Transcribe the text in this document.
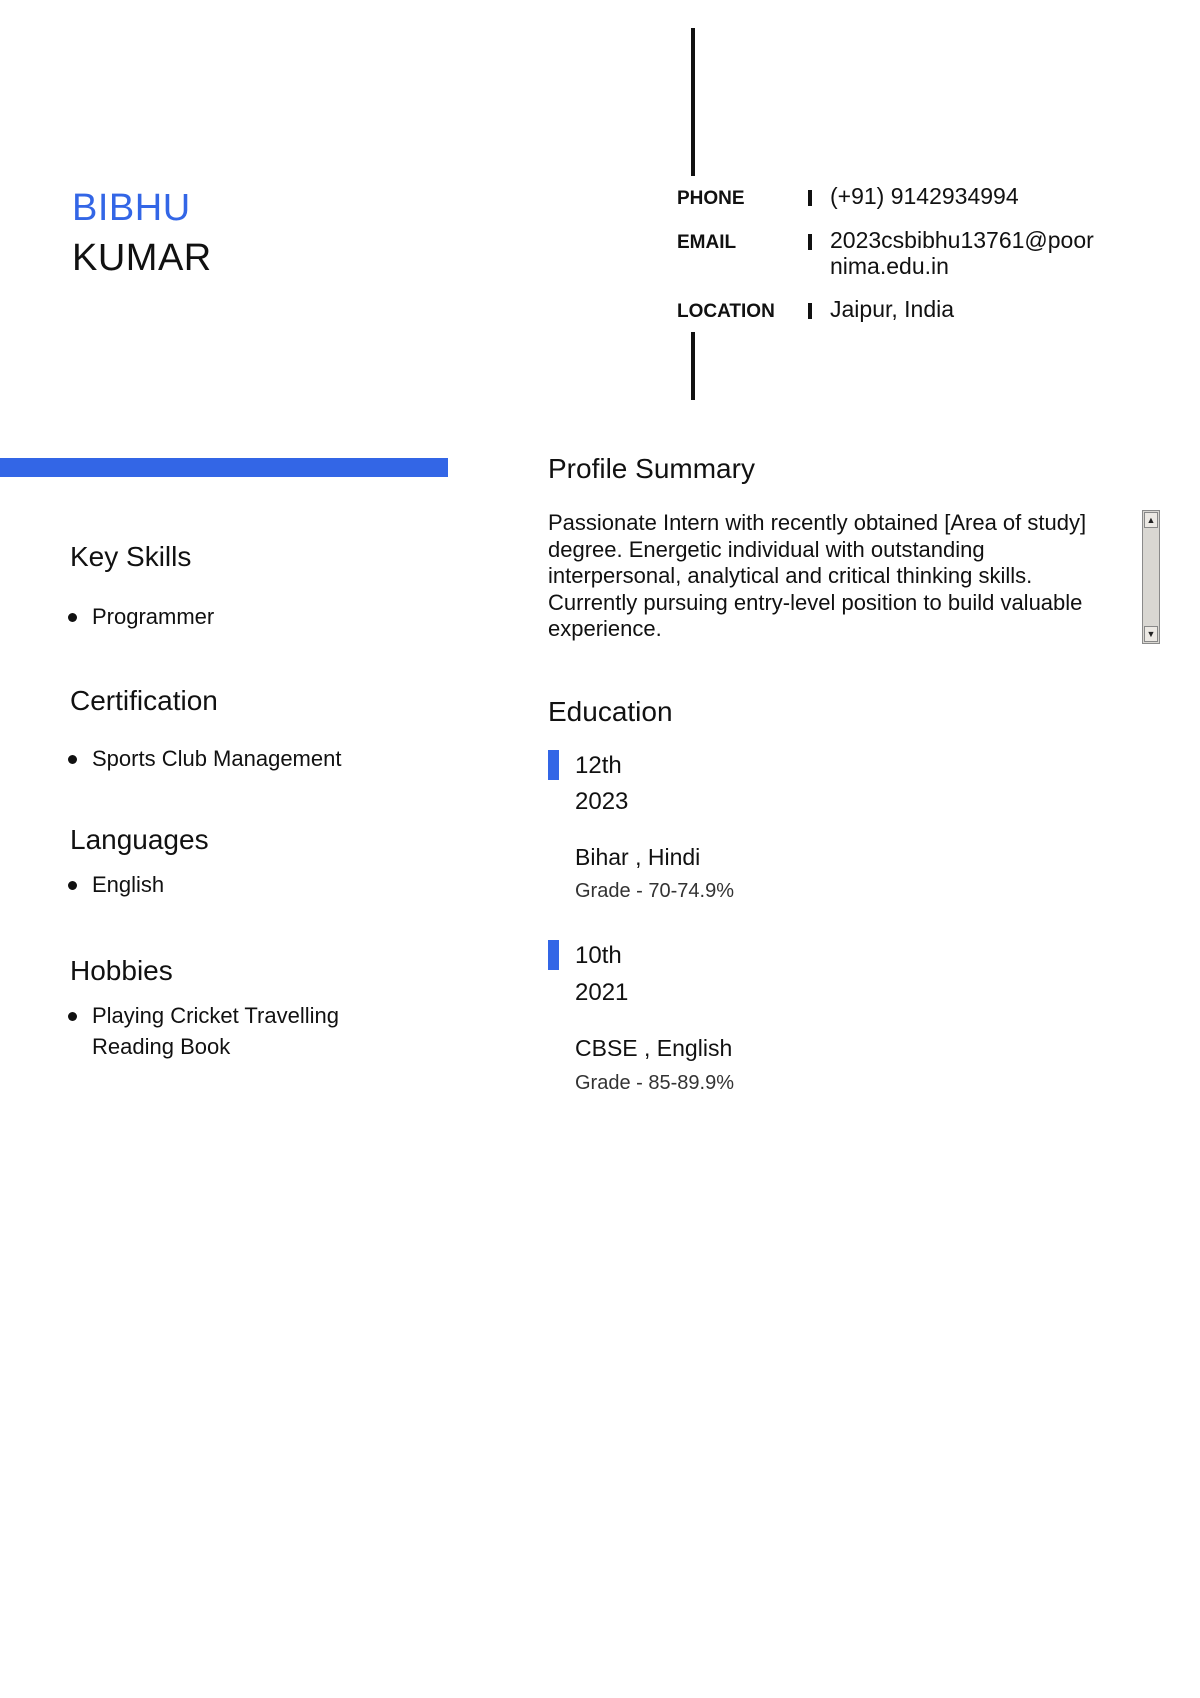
BIBHU
KUMAR
PHONE	(+91) 9142934994
EMAIL	2023csbibhu13761@poor
nima.edu.in
LOCATION Jaipur, India
Key Skills
Programmer
Certification
Sports Club Management
Languages
English
Hobbies
Playing Cricket Travelling
Reading Book
Profile Summary
Passionate Intern with recently obtained [Area of study] degree. Energetic individual with outstanding interpersonal, analytical and critical thinking skills. Currently pursuing entry-level position to build valuable experience.
▲
▼
Education
12th
2023
Bihar , Hindi
Grade - 70-74.9%
10th
2021
CBSE , English
Grade - 85-89.9%
